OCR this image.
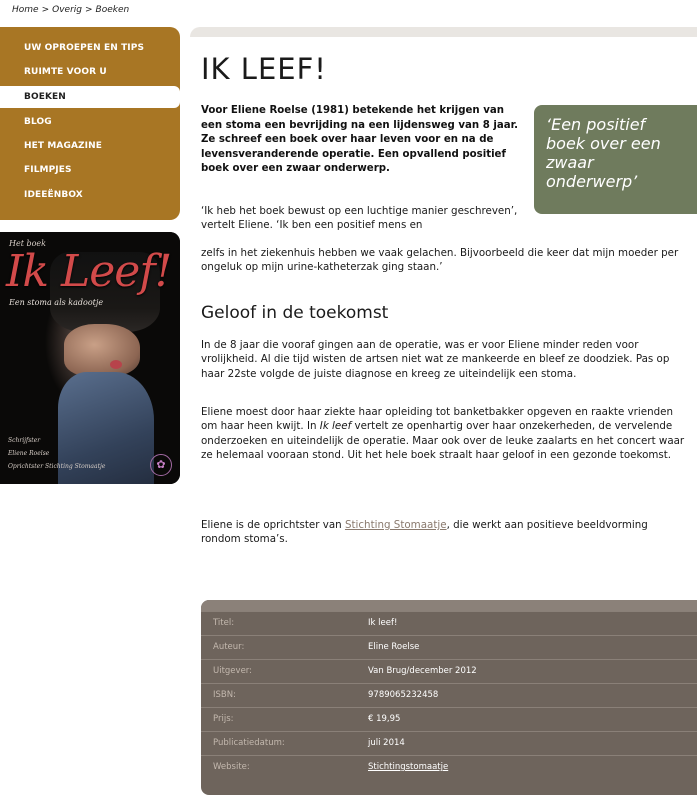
Home > Overig > Boeken
UW OPROEPEN EN TIPS
RUIMTE VOOR U
BOEKEN
BLOG
HET MAGAZINE
FILMPJES
IDEEËNBOX
Het boek
Ik Leef!
Een stoma als kadootje
Schrijfster
Eliene Roelse
Oprichtster Stichting Stomaatje	✿
IK LEEF!

Voor Eliene Roelse (1981) betekende het krijgen van een stoma een bevrijding na een lijdensweg van 8 jaar. Ze schreef een boek over haar leven voor en na de levensveranderende operatie. Een opvallend positief boek over een zwaar onderwerp.

‘Een positief boek over een zwaar onderwerp’

‘Ik heb het boek bewust op een luchtige manier geschreven’, vertelt Eliene. ‘Ik ben een positief mens en

zelfs in het ziekenhuis hebben we vaak gelachen. Bijvoorbeeld die keer dat mijn moeder per ongeluk op mijn urine-katheterzak ging staan.’

Geloof in de toekomst

In de 8 jaar die vooraf gingen aan de operatie, was er voor Eliene minder reden voor vrolijkheid. Al die tijd wisten de artsen niet wat ze mankeerde en bleef ze doodziek. Pas op haar 22ste volgde de juiste diagnose en kreeg ze uiteindelijk een stoma.

Eliene moest door haar ziekte haar opleiding tot banketbakker opgeven en raakte vrienden om haar heen kwijt. In Ik leef vertelt ze openhartig over haar onzekerheden, de vervelende onderzoeken en uiteindelijk de operatie. Maar ook over de leuke zaalarts en het concert waar ze helemaal vooraan stond. Uit het hele boek straalt haar geloof in een gezonde toekomst.

Eliene is de oprichtster van Stichting Stomaatje, die werkt aan positieve beeldvorming rondom stoma’s.

Titel:	Ik leef!
Auteur:	Eline Roelse
Uitgever:	Van Brug/december 2012
ISBN:	9789065232458
Prijs:	€ 19,95
Publicatiedatum:	juli 2014
Website:	Stichtingstomaatje
